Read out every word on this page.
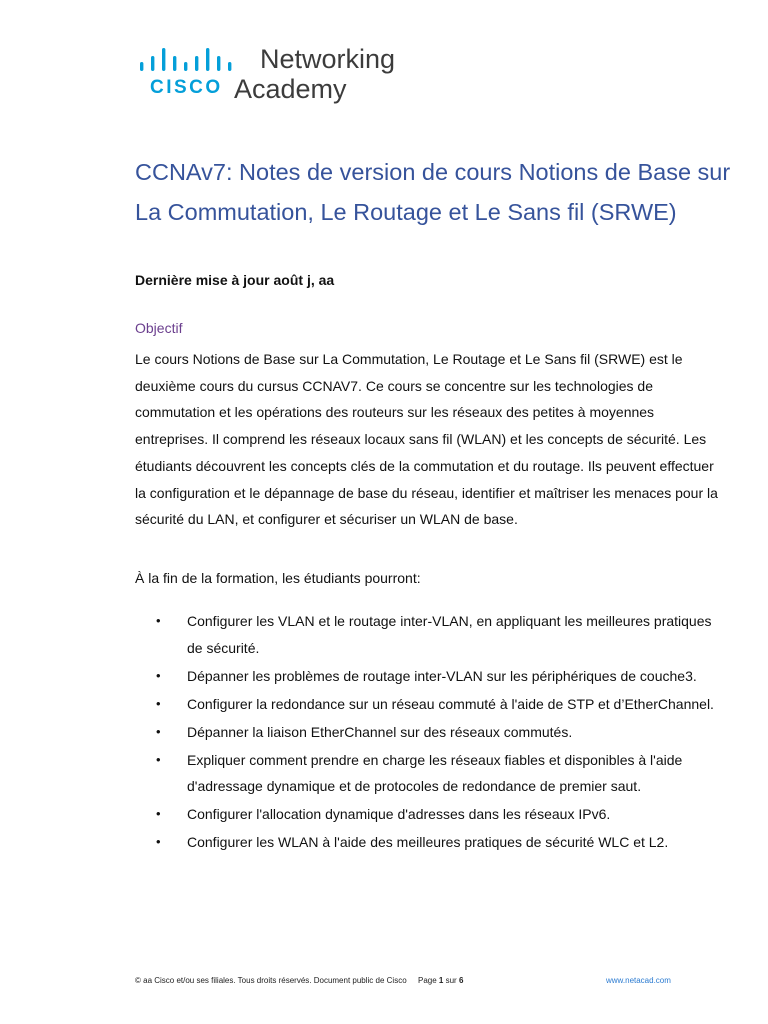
CISCO
Networking
Academy
CCNAv7: Notes de version de cours Notions de Base sur La Commutation, Le Routage et Le Sans fil (SRWE)

Dernière mise à jour août j, aa

Objectif

Le cours Notions de Base sur La Commutation, Le Routage et Le Sans fil (SRWE) est le deuxième cours du cursus CCNAV7. Ce cours se concentre sur les technologies de commutation et les opérations des routeurs sur les réseaux des petites à moyennes entreprises. Il comprend les réseaux locaux sans fil (WLAN) et les concepts de sécurité. Les étudiants découvrent les concepts clés de la commutation et du routage. Ils peuvent effectuer la configuration et le dépannage de base du réseau, identifier et maîtriser les menaces pour la sécurité du LAN, et configurer et sécuriser un WLAN de base.

À la fin de la formation, les étudiants pourront:

• Configurer les VLAN et le routage inter-VLAN, en appliquant les meilleures pratiques de sécurité.
• Dépanner les problèmes de routage inter-VLAN sur les périphériques de couche3.
• Configurer la redondance sur un réseau commuté à l'aide de STP et d’EtherChannel.
• Dépanner la liaison EtherChannel sur des réseaux commutés.
• Expliquer comment prendre en charge les réseaux fiables et disponibles à l'aide d'adressage dynamique et de protocoles de redondance de premier saut.
• Configurer l'allocation dynamique d'adresses dans les réseaux IPv6.
• Configurer les WLAN à l'aide des meilleures pratiques de sécurité WLC et L2.
© aa Cisco et/ou ses filiales. Tous droits réservés. Document public de Cisco Page 1 sur 6	www.netacad.com
